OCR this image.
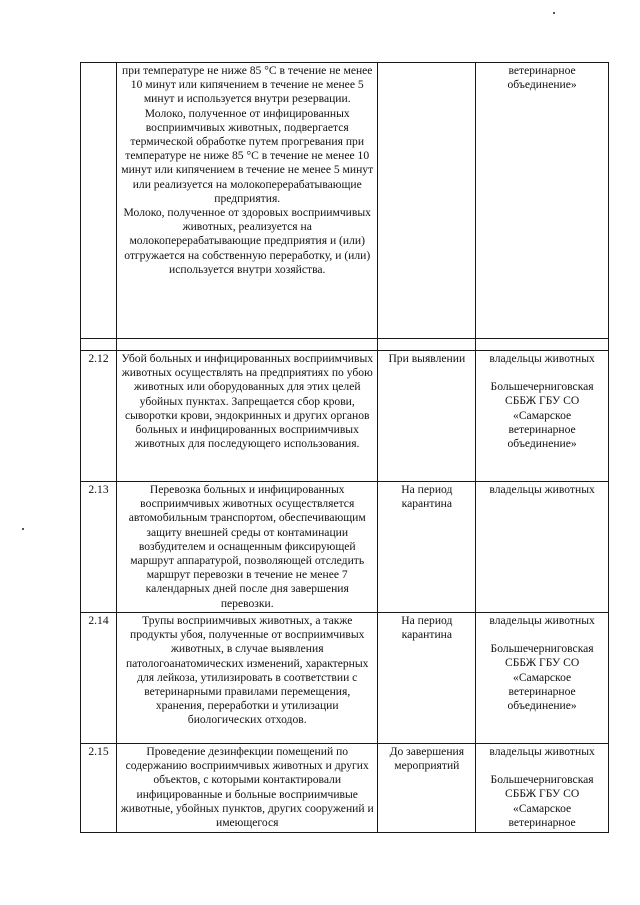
	при температуре не ниже 85 °С в течение не менее 10 минут или кипячением в течение не менее 5 минут и используется внутри резервации.
Молоко, полученное от инфицированных восприимчивых животных, подвергается термической обработке путем прогревания при температуре не ниже 85 °С в течение не менее 10 минут или кипячением в течение не менее 5 минут или реализуется на молокоперерабатывающие предприятия.
Молоко, полученное от здоровых восприимчивых животных, реализуется на молокоперерабатывающие предприятия и (или) отгружается на собственную переработку, и (или) используется внутри хозяйства.		ветеринарное объединение»

2.12	Убой больных и инфицированных восприимчивых животных осуществлять на предприятиях по убою животных или оборудованных для этих целей убойных пунктах. Запрещается сбор крови, сыворотки крови, эндокринных и других органов больных и инфицированных восприимчивых животных для последующего использования.	При выявлении	владельцы животных
Большечерниговская СББЖ ГБУ СО «Самарское ветеринарное объединение»

2.13	Перевозка больных и инфицированных восприимчивых животных осуществляется автомобильным транспортом, обеспечивающим защиту внешней среды от контаминации возбудителем и оснащенным фиксирующей маршрут аппаратурой, позволяющей отследить маршрут перевозки в течение не менее 7 календарных дней после дня завершения перевозки.	На период карантина	владельцы животных

2.14	Трупы восприимчивых животных, а также продукты убоя, полученные от восприимчивых животных, в случае выявления патологоанатомических изменений, характерных для лейкоза, утилизировать в соответствии с ветеринарными правилами перемещения, хранения, переработки и утилизации биологических отходов.	На период карантина	владельцы животных
Большечерниговская СББЖ ГБУ СО «Самарское ветеринарное объединение»

2.15	Проведение дезинфекции помещений по содержанию восприимчивых животных и других объектов, с которыми контактировали инфицированные и больные восприимчивые животные, убойных пунктов, других сооружений и имеющегося	До завершения мероприятий	владельцы животных
Большечерниговская СББЖ ГБУ СО «Самарское ветеринарное
